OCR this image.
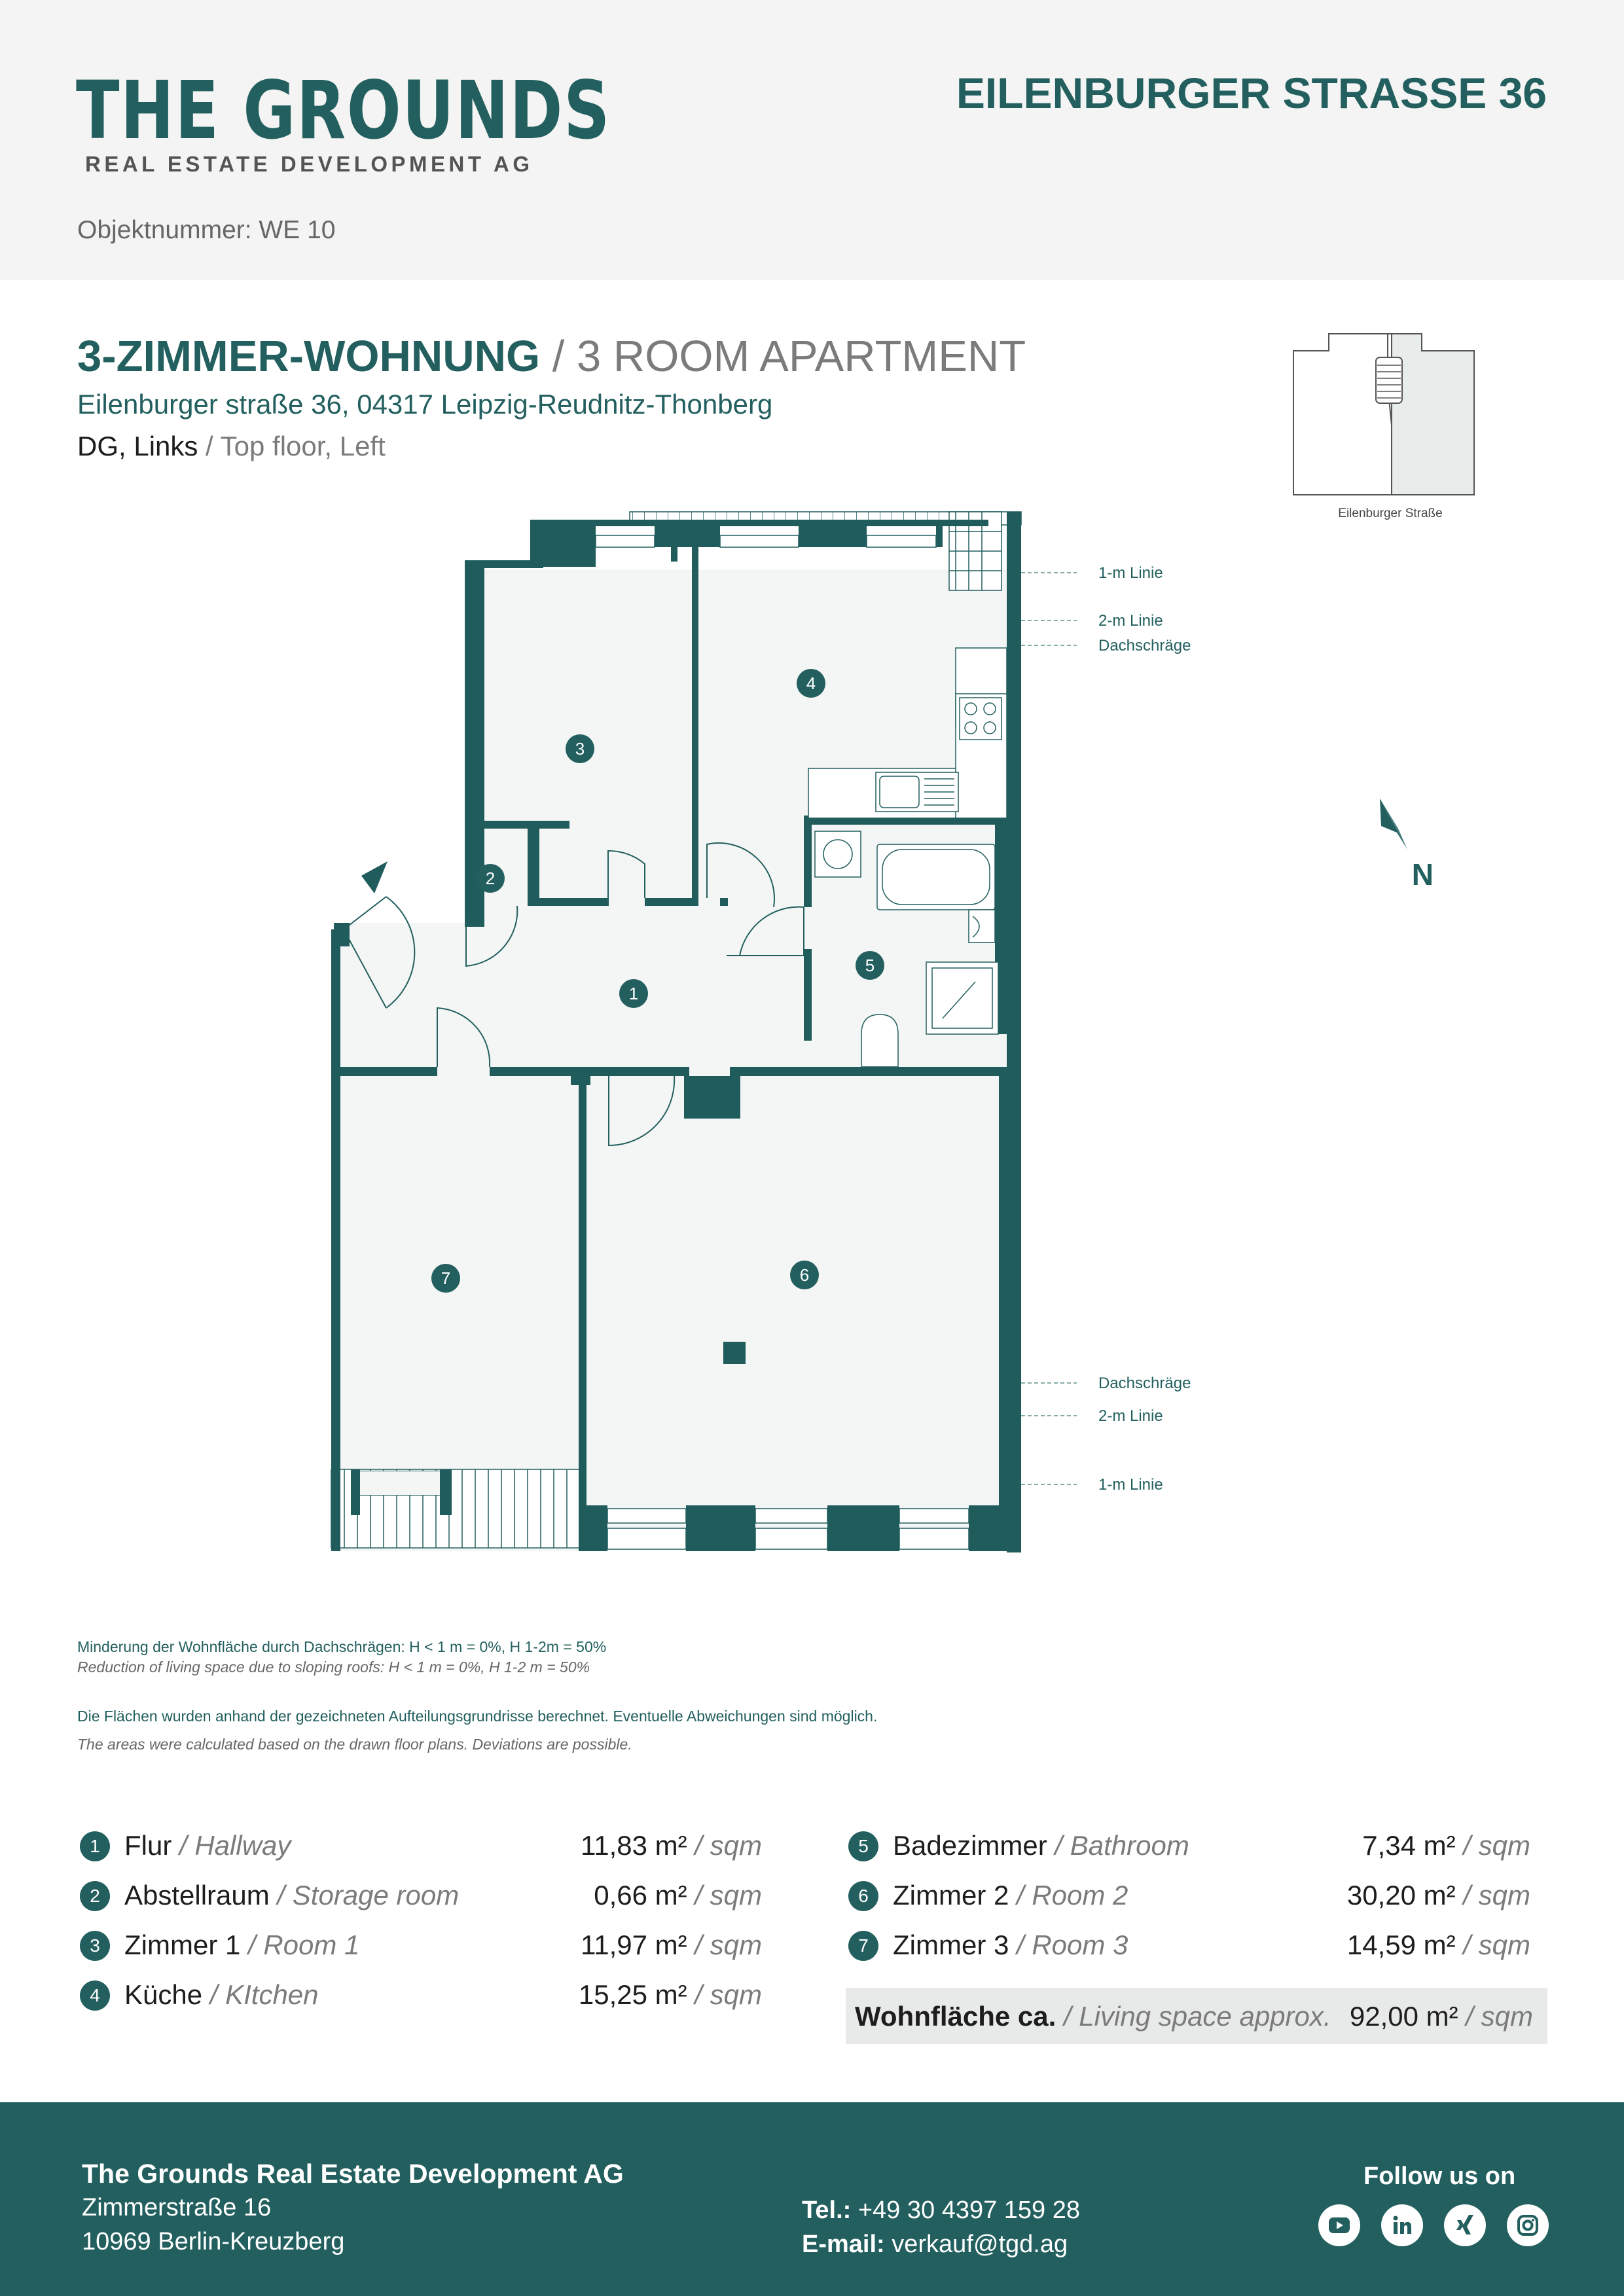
THE GROUNDS
REAL ESTATE DEVELOPMENT AG
Objektnummer: WE 10
EILENBURGER STRASSE 36
3-ZIMMER-WOHNUNG / 3 ROOM APARTMENT
Eilenburger straße 36, 04317 Leipzig-Reudnitz-Thonberg
DG, Links / Top floor, Left
Eilenburger Straße
N
1-m Linie
2-m Linie
Dachschräge
Dachschräge
2-m Linie
1-m Linie
1
2
3
4
5
6
7
Minderung der Wohnfläche durch Dachschrägen: H < 1 m = 0%, H 1-2m = 50%
Reduction of living space due to sloping roofs: H < 1 m = 0%, H 1-2 m = 50%
Die Flächen wurden anhand der gezeichneten Aufteilungsgrundrisse berechnet. Eventuelle Abweichungen sind möglich.
The areas were calculated based on the drawn floor plans. Deviations are possible.
1 Flur / Hallway	11,83 m² / sqm
2 Abstellraum / Storage room	0,66 m² / sqm
3 Zimmer 1 / Room 1	11,97 m² / sqm
4 Küche / KItchen	15,25 m² / sqm
5 Badezimmer / Bathroom	7,34 m² / sqm
6 Zimmer 2 / Room 2	30,20 m² / sqm
7 Zimmer 3 / Room 3	14,59 m² / sqm
Wohnfläche ca. / Living space approx. 92,00 m² / sqm
The Grounds Real Estate Development AG
Zimmerstraße 16
10969 Berlin-Kreuzberg
Tel.: +49 30 4397 159 28
E-mail: verkauf@tgd.ag
Follow us on
